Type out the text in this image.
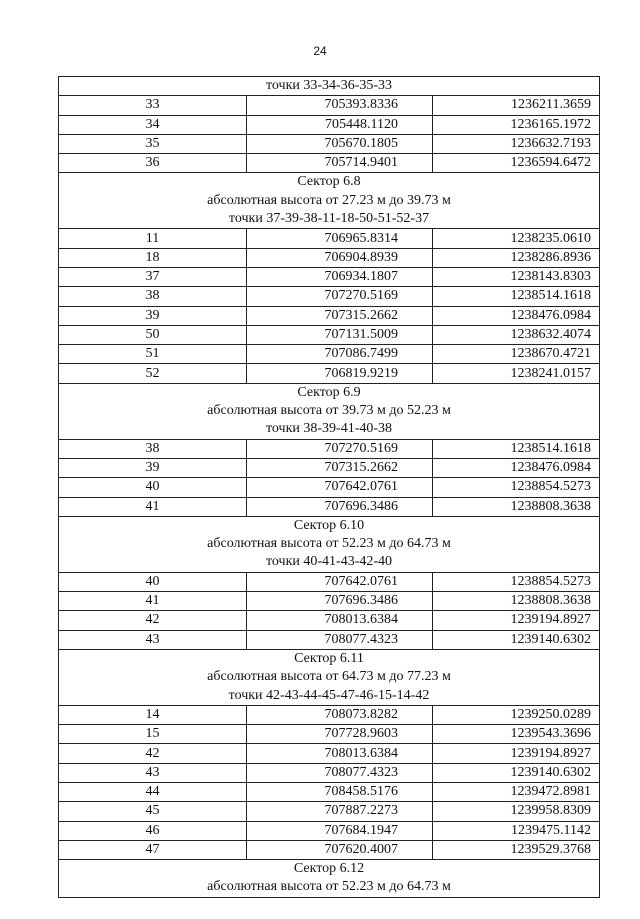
24
точки 33-34-36-35-33		

33	705393.8336	1236211.3659
34	705448.1120	1236165.1972
35	705670.1805	1236632.7193
36	705714.9401	1236594.6472

Сектор 6.8
абсолютная высота от 27.23 м до 39.73 м
точки 37-39-38-11-18-50-51-52-37		

11	706965.8314	1238235.0610
18	706904.8939	1238286.8936
37	706934.1807	1238143.8303
38	707270.5169	1238514.1618
39	707315.2662	1238476.0984
50	707131.5009	1238632.4074
51	707086.7499	1238670.4721
52	706819.9219	1238241.0157

Сектор 6.9
абсолютная высота от 39.73 м до 52.23 м
точки 38-39-41-40-38		

38	707270.5169	1238514.1618
39	707315.2662	1238476.0984
40	707642.0761	1238854.5273
41	707696.3486	1238808.3638

Сектор 6.10
абсолютная высота от 52.23 м до 64.73 м
точки 40-41-43-42-40		

40	707642.0761	1238854.5273
41	707696.3486	1238808.3638
42	708013.6384	1239194.8927
43	708077.4323	1239140.6302

Сектор 6.11
абсолютная высота от 64.73 м до 77.23 м
точки 42-43-44-45-47-46-15-14-42		

14	708073.8282	1239250.0289
15	707728.9603	1239543.3696
42	708013.6384	1239194.8927
43	708077.4323	1239140.6302
44	708458.5176	1239472.8981
45	707887.2273	1239958.8309
46	707684.1947	1239475.1142
47	707620.4007	1239529.3768

Сектор 6.12
абсолютная высота от 52.23 м до 64.73 м		
